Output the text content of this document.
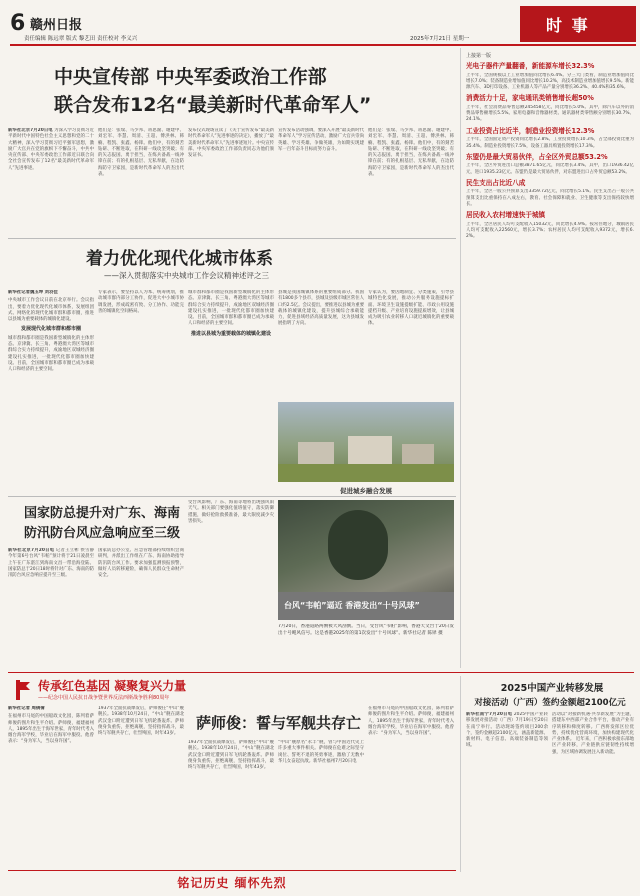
6 赣州日报
责任编辑 陈远翠 版式 黎艺田 责任校对 李义兴	2025年7月21日 星期一
时 事
中央宣传部 中央军委政治工作部
联合发布12名“最美新时代革命军人”
新华社北京7月20日电 为深入学习贯彻习近平新时代中国特色社会主义思想和党的二十大精神，深入学习贯彻习近平强军思想，激励广大官兵在党的旗帜下不懈奋斗，中共中央宣传部、中央军委政治工作部近日联合向全社会宣传发布了12名“最美新时代革命军人”先进事迹。
他们是：张瑞、马少邦、蒋思渝、谢建中、刘宏军、李慧、周清、王超、傅洪林、韩楠、程凯、张鑫、杨锋。他们中，有的刻苦钻研、不断进取，在科研一线攻坚突破；有的矢志报国、勇于担当，在练兵备战一线冲锋在前；有的扎根基层、无私奉献，在边防海防守卫家园，是新时代革命军人的杰出代表。
发布仪式现场宣读了《关于宣传发布“最美新时代革命军人”先进事迹的决定》，播放了“最美新时代革命军人”先进事迹短片。中央宣传部、中央军委政治工作部负责同志为他们颁发证书。
宣传发布活动强调，要深入开展“最美新时代革命军人”学习宣传活动，激励广大官兵崇尚英雄、学习英雄、争做英雄，为如期实现建军一百年奋斗目标而努力奋斗。
他们是：张瑞、马少邦、蒋思渝、谢建中、刘宏军、李慧、周清、王超、傅洪林、韩楠、程凯、张鑫、杨锋。他们中，有的刻苦钻研、不断进取，在科研一线攻坚突破；有的矢志报国、勇于担当，在练兵备战一线冲锋在前；有的扎根基层、无私奉献，在边防海防守卫家园，是新时代革命军人的杰出代表。
着力优化现代化城市体系
——深入贯彻落实中央城市工作会议精神述评之三
新华社记者魏玉坤 刘羽佳
中央城市工作会议日前在北京举行。会议指出，要着力优化现代化城市体系，发展组团式、网络化的现代化城市群和都市圈，推进以县城为重要载体的城镇化建设。
发展现代化城市群和都市圈
城市群和都市圈是我国新型城镇化的主体形态。京津冀、长三角、粤港澳大湾区等城市群综合实力持续提升，成渝地区双城经济圈建设扎实推进，一批现代化都市圈加快建设。目前，全国城市群和都市圈已成为承载人口和经济的主要空间。
专家表示，要坚持以人为本、统筹规划，推动城市群内部分工协作，促进大中小城市协调发展，形成疏密有致、分工协作、功能完善的城镇化空间格局。
城市群和都市圈是我国新型城镇化的主体形态。京津冀、长三角、粤港澳大湾区等城市群综合实力持续提升，成渝地区双城经济圈建设扎实推进，一批现代化都市圈加快建设。目前，全国城市群和都市圈已成为承载人口和经济的主要空间。
推进以县城为重要载体的城镇化建设
县城是我国城镇体系的重要组成部分。我国有1800多个县市，县城及县级市城区常住人口约2.5亿。会议提出，要推进以县城为重要载体的城镇化建设，提升县城综合承载能力，促进县域经济高质量发展，这为县城发展指明了方向。
专家认为，要因地制宜、分类施策，引导县城特色化发展，推动公共服务设施提标扩面、环境卫生设施提级扩能、市政公用设施提档升级、产业培育设施提质增效，让县城成为吸引农业转移人口就近城镇化的重要载体。
促进城乡融合发展
国家防总提升对广东、海南
防汛防台风应急响应至三级
新华社北京7月20日电 记者王立彬 侯雪静 今年第6号台风“韦帕”预计将于21日凌晨至上午在广东湛江到海南文昌一带沿海登陆。国家防总于20日18时将针对广东、海南的防汛防台风应急响应提升至三级。
国家防总办公室、应急管理部持续组织会商研判，并派出工作组在广东、海南协助指导防汛防台风工作。要求加强监测预报预警，做好人员转移避险，确保人民群众生命财产安全。
受台风影响，广东、海南等地将出现强风雨天气。相关部门要强化值班值守，落实防御措施，做好抢险救援准备，最大限度减少灾害损失。
台风“韦帕”逼近 香港发出“十号风球”
7月20日，香港道路两侧被大风刮倒。当日，受台风“韦帕”影响，香港天文台于20日发出十号飓风信号。这是香港2025年的第1次发出“十号风球”。新华社记者 陈铎 摄
上接第一版
光电子器件产量翻番，新能源车增长32.3%
上半年，全国规模以上工业增加值同比增长6.4%。分三大门类看，制造业增加值同比增长7.0%；装备制造业增加值同比增长10.2%，高技术制造业增加值增长9.5%。新能源汽车、3D打印设备、工业机器人等产品产量分别增长36.2%、40.4%和35.6%。
消费活力十足，家电通讯类销售增长超50%
上半年，社会消费品零售总额245458亿元，同比增长5.0%。其中，除汽车以外的消费品零售额增长5.5%。家用电器和音像器材类、通讯器材类零售额分别增长30.7%、24.1%。
工业投资占比近半，制造业投资增长12.3%
上半年，全国固定资产投资同比增长2.8%。工业投资增长10.3%，占全部投资比重为35.4%。制造业投资增长7.5%，设备工器具购置投资增长17.3%。
东盟仍是最大贸易伙伴，占全区外贸总额53.2%
上半年，全区外贸进出口总额3871.65亿元，同比增长3.4%。其中，出口1936.42亿元，进口1935.23亿元。东盟仍是最大贸易伙伴，对东盟进出口占外贸总额53.2%。
民生支出占比近八成
上半年，全区一般公共预算支出3359.72亿元，同比增长5.1%。民生支出占一般公共预算支出比重保持在八成左右，教育、社会保障和就业、卫生健康等支出保持较快增长。
居民收入农村增速快于城镇
上半年，全区居民人均可支配收入15032元，同比增长4.9%。按常住地分，城镇居民人均可支配收入22560元，增长3.7%；农村居民人均可支配收入9372元，增长6.2%。
传承红色基因 凝聚复兴力量
——纪念中国人民抗日战争暨世界反法西斯战争胜利80周年
新华社记者 周倩倩
在福州市马尾的中国船政文化园，陈列着萨师俊的图片和生平介绍。萨师俊，福建福州人，1895年出生于海军世家，青年时代考入烟台海军学校，毕业后在海军中服役。他曾表示：“身为军人，当以身许国”。
1937年全面抗战爆发后，萨师俊任“中山”舰舰长。1938年10月24日，“中山”舰在湖北武汉金口附近遭到日军飞机轮番轰炸。萨师俊身负重伤，拒绝离舰，坚持指挥战斗，最终与军舰共存亡，壮烈殉国，时年43岁。
萨师俊：誓与军舰共存亡
1937年全面抗战爆发后，萨师俊任“中山”舰舰长。1938年10月24日，“中山”舰在湖北武汉金口附近遭到日军飞机轮番轰炸。萨师俊身负重伤，拒绝离舰，坚持指挥战斗，最终与军舰共存亡，壮烈殉国，时年43岁。
“中山”舰原名“永丰”舰，曾与中国近代史上许多重大事件相关。萨师俊在危难之际坚守岗位、誓死不退的英勇事迹，激励了无数中华儿女奋起抗敌。新华社福州7月20日电
在福州市马尾的中国船政文化园，陈列着萨师俊的图片和生平介绍。萨师俊，福建福州人，1895年出生于海军世家，青年时代考入烟台海军学校，毕业后在海军中服役。他曾表示：“身为军人，当以身许国”。
2025中国产业转移发展
对接活动（广西）签约金额超2100亿元
新华社南宁7月20日电 2025中国产业转移发展对接活动（广西）7月19日至20日在南宁举行。活动现场签约项目200余个，签约金额超2100亿元，涵盖新能源、新材料、电子信息、高端装备制造等领域。
活动以“对接新机遇·共享新发展”为主题，搭建东中西部产业合作平台，推动产业有序转移和梯度转移。广西将发挥区位优势，持续优化营商环境，加快构建现代化产业体系。 近年来，广西积极承接东部地区产业转移，产业链供应链韧性持续增强，为区域协调发展注入新动能。
铭记历史 缅怀先烈
